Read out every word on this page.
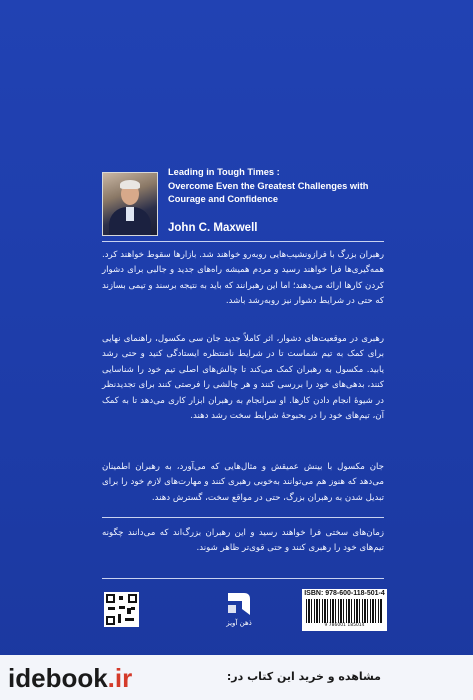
Leading in Tough Times :
Overcome Even the Greatest Challenges with
Courage and Confidence
John C. Maxwell
رهبران بزرگ با فرازونشیب‌هایی روبه‌رو خواهند شد. بازارها سقوط خواهند کرد. همه‌گیری‌ها فرا خواهند رسید و مردم همیشه راه‌های جدید و جالبی برای دشوار کردن کارها ارائه می‌دهند؛ اما این رهبرانند که باید به نتیجه برسند و تیمی بسازند که حتی در شرایط دشوار نیز روبه‌رشد باشد.
رهبری در موقعیت‌های دشوار، اثر کاملاً جدید جان سی مکسول، راهنمای نهایی برای کمک به تیم شماست تا در شرایط نامنتظره ایستادگی کنید و حتی رشد یابید. مکسول به رهبران کمک می‌کند تا چالش‌های اصلی تیم خود را شناسایی کنند، بدهی‌های خود را بررسی کنند و هر چالشی را فرصتی کنند برای تجدیدنظر در شیوهٔ انجام دادن کارها. او سرانجام به رهبران ابزار کاری می‌دهد تا به کمک آن، تیم‌های خود را در بحبوحهٔ شرایط سخت رشد دهند.
جان مکسول با بینش عمیقش و مثال‌هایی که می‌آورد، به رهبران اطمینان می‌دهد که هنوز هم می‌توانند به‌خوبی رهبری کنند و مهارت‌های لازم خود را برای تبدیل شدن به رهبران بزرگ، حتی در مواقع سخت، گسترش دهند.
زمان‌های سختی فرا خواهند رسید و این رهبران بزرگ‌اند که می‌دانند چگونه تیم‌های خود را رهبری کنند و حتی قوی‌تر ظاهر شوند.
ذهن آویز
ISBN: 978-600-118-501-4
9 786001 185014
idebook.ir	مشاهده و خرید این کتاب در:
